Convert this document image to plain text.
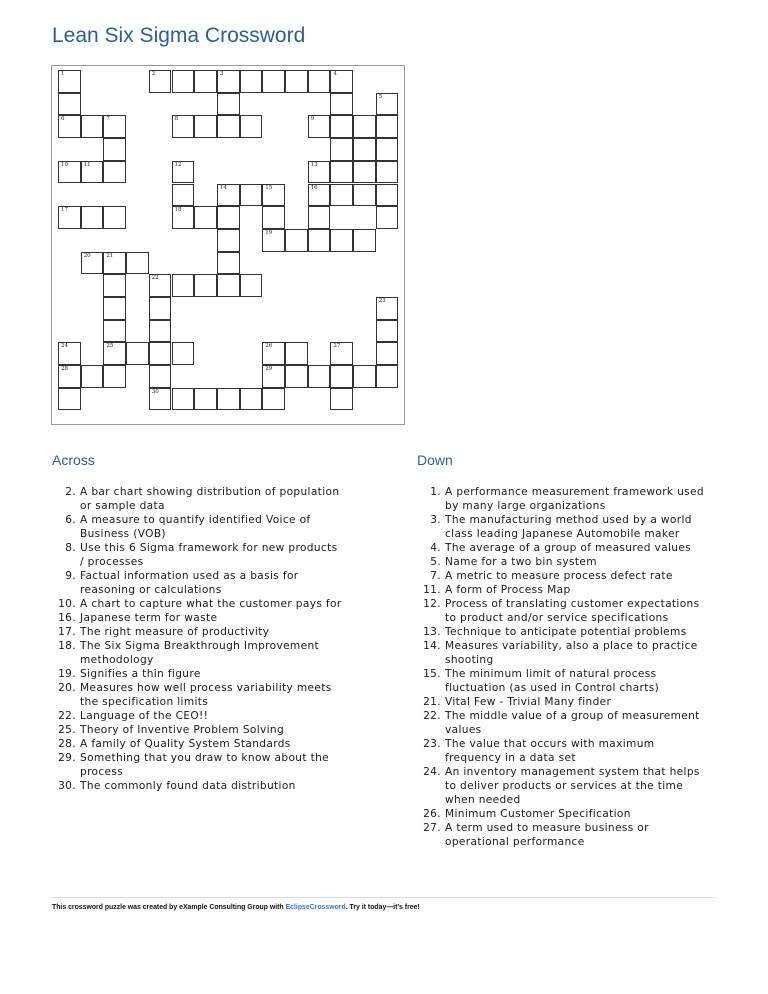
Lean Six Sigma Crossword
1	2	3	4
5
6	7	8	9
10	11	12	13
14	15	16
17	18
19
20	21
22
23
24	25	26	27
28	29
30
Across	Down
2. A bar chart showing distribution of population
or sample data
6. A measure to quantify identified Voice of
Business (VOB)
8. Use this 6 Sigma framework for new products
/ processes
9. Factual information used as a basis for
reasoning or calculations
10. A chart to capture what the customer pays for
16. Japanese term for waste
17. The right measure of productivity
18. The Six Sigma Breakthrough Improvement
methodology
19. Signifies a thin figure
20. Measures how well process variability meets
the specification limits
22. Language of the CEO!!
25. Theory of Inventive Problem Solving
28. A family of Quality System Standards
29. Something that you draw to know about the
process
30. The commonly found data distribution
1. A performance measurement framework used
by many large organizations
3. The manufacturing method used by a world
class leading Japanese Automobile maker
4. The average of a group of measured values
5. Name for a two bin system
7. A metric to measure process defect rate
11. A form of Process Map
12. Process of translating customer expectations
to product and/or service specifications
13. Technique to anticipate potential problems
14. Measures variability, also a place to practice
shooting
15. The minimum limit of natural process
fluctuation (as used in Control charts)
21. Vital Few - Trivial Many finder
22. The middle value of a group of measurement
values
23. The value that occurs with maximum
frequency in a data set
24. An inventory management system that helps
to deliver products or services at the time
when needed
26. Minimum Customer Specification
27. A term used to measure business or
operational performance
This crossword puzzle was created by eXample Consulting Group with EclipseCrossword. Try it today—it’s free!
